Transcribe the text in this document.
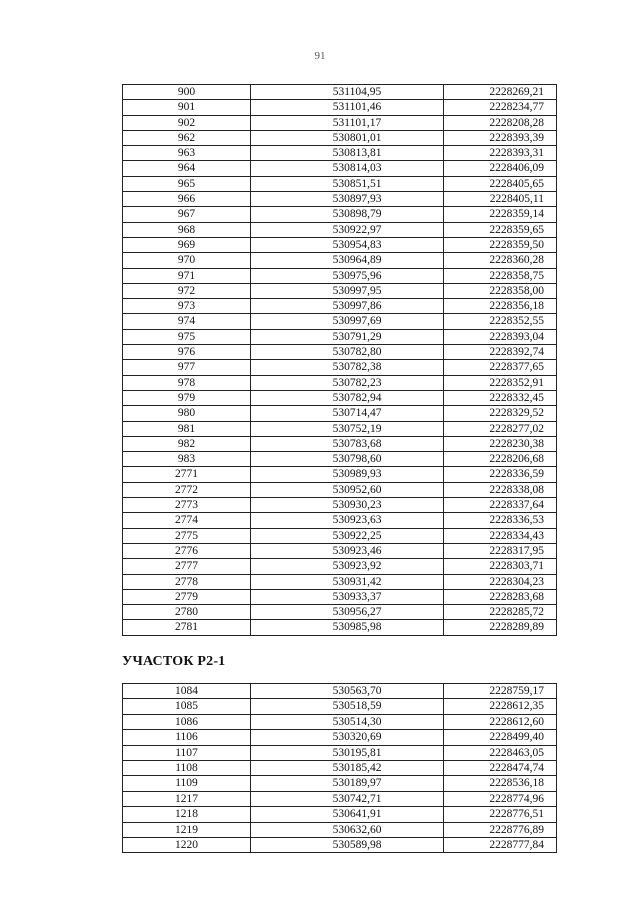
91
900	531104,95	2228269,21
901	531101,46	2228234,77
902	531101,17	2228208,28
962	530801,01	2228393,39
963	530813,81	2228393,31
964	530814,03	2228406,09
965	530851,51	2228405,65
966	530897,93	2228405,11
967	530898,79	2228359,14
968	530922,97	2228359,65
969	530954,83	2228359,50
970	530964,89	2228360,28
971	530975,96	2228358,75
972	530997,95	2228358,00
973	530997,86	2228356,18
974	530997,69	2228352,55
975	530791,29	2228393,04
976	530782,80	2228392,74
977	530782,38	2228377,65
978	530782,23	2228352,91
979	530782,94	2228332,45
980	530714,47	2228329,52
981	530752,19	2228277,02
982	530783,68	2228230,38
983	530798,60	2228206,68
2771	530989,93	2228336,59
2772	530952,60	2228338,08
2773	530930,23	2228337,64
2774	530923,63	2228336,53
2775	530922,25	2228334,43
2776	530923,46	2228317,95
2777	530923,92	2228303,71
2778	530931,42	2228304,23
2779	530933,37	2228283,68
2780	530956,27	2228285,72
2781	530985,98	2228289,89
УЧАСТОК Р2-1
1084	530563,70	2228759,17
1085	530518,59	2228612,35
1086	530514,30	2228612,60
1106	530320,69	2228499,40
1107	530195,81	2228463,05
1108	530185,42	2228474,74
1109	530189,97	2228536,18
1217	530742,71	2228774,96
1218	530641,91	2228776,51
1219	530632,60	2228776,89
1220	530589,98	2228777,84
